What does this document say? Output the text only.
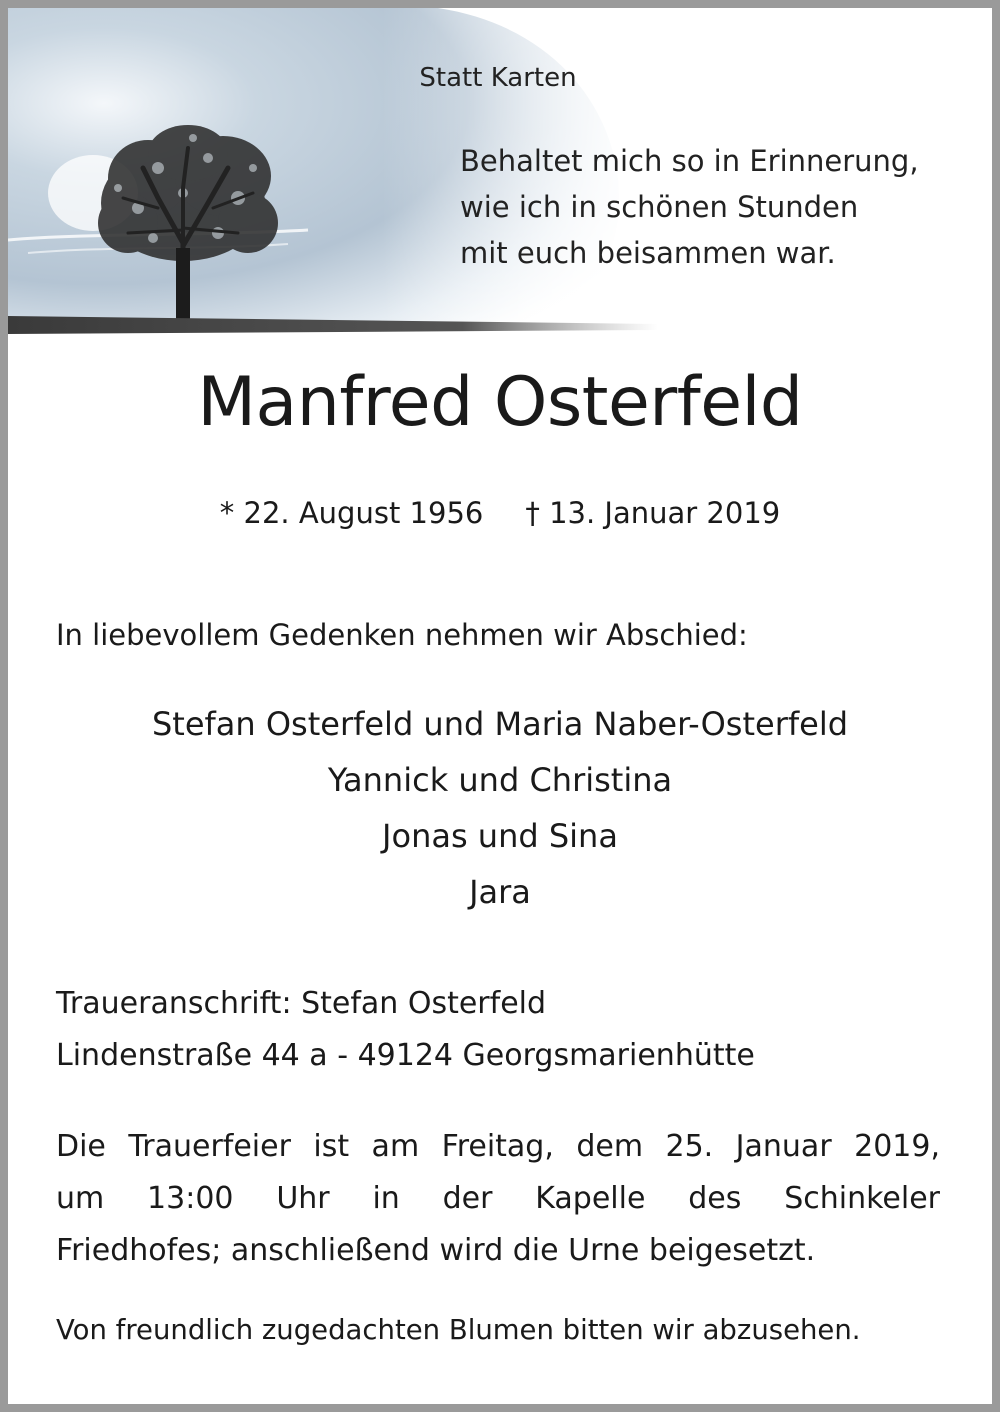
Statt Karten
Behaltet mich so in Erinnerung,
wie ich in schönen Stunden
mit euch beisammen war.
Manfred Osterfeld
* 22. August 1956 † 13. Januar 2019
In liebevollem Gedenken nehmen wir Abschied:
Stefan Osterfeld und Maria Naber-Osterfeld
Yannick und Christina
Jonas und Sina
Jara
Traueranschrift: Stefan Osterfeld
Lindenstraße 44 a - 49124 Georgsmarienhütte
Die Trauerfeier ist am Freitag, dem 25. Januar 2019,
um 13:00 Uhr in der Kapelle des Schinkeler
Friedhofes; anschließend wird die Urne beigesetzt.
Von freundlich zugedachten Blumen bitten wir abzusehen.
